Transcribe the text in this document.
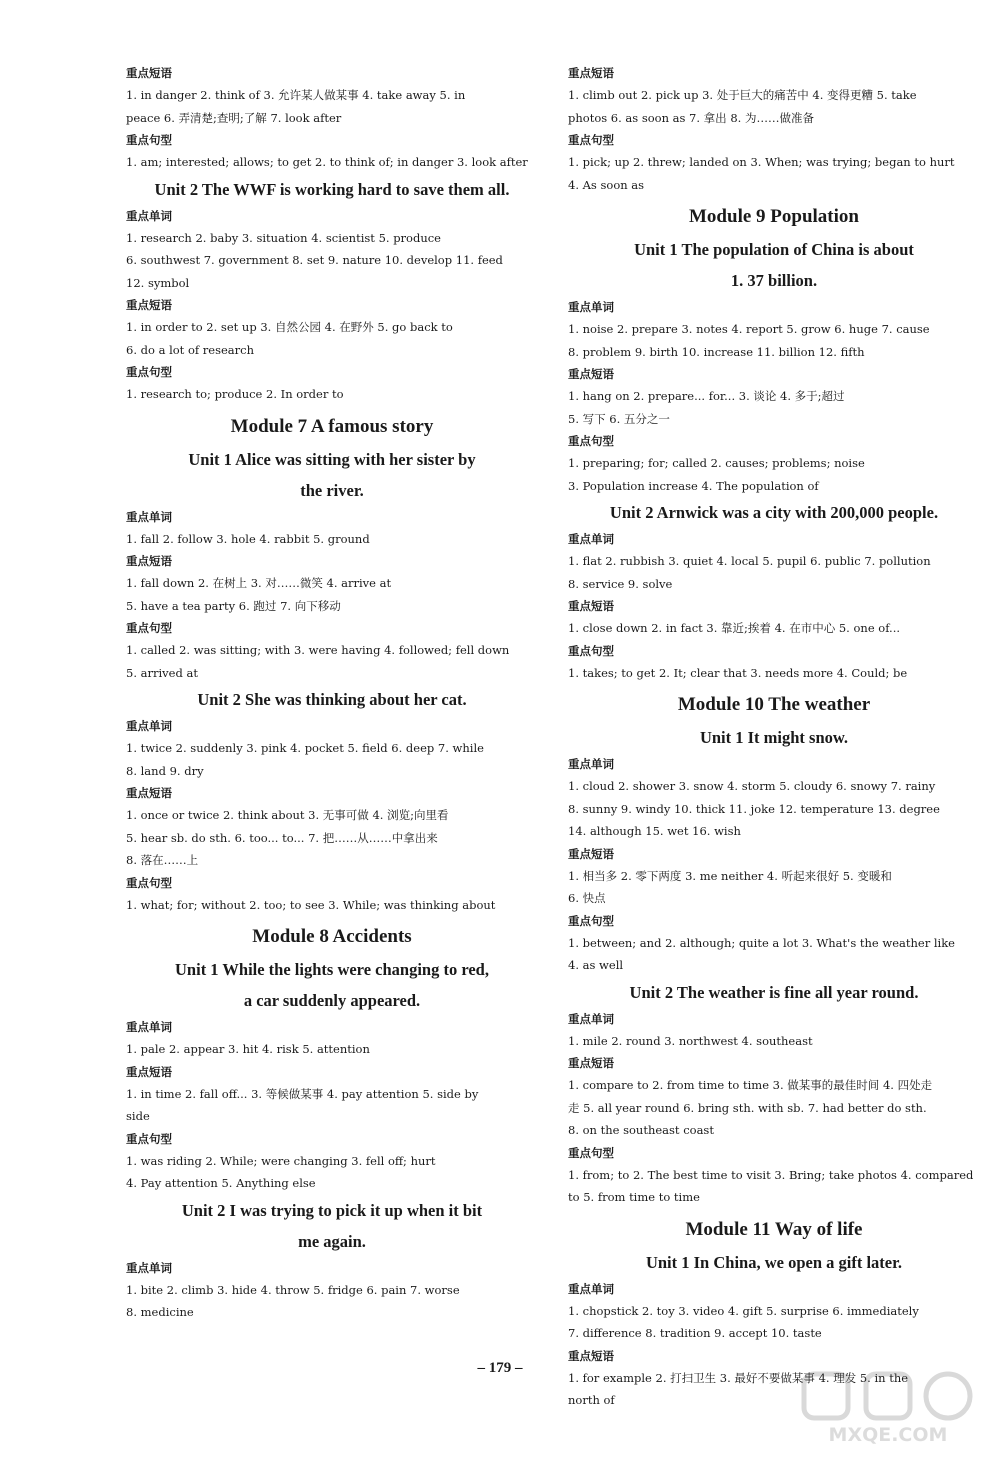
重点短语
1. in danger 2. think of 3. 允许某人做某事 4. take away 5. in
peace 6. 弄清楚;查明;了解 7. look after
重点句型
1. am; interested; allows; to get 2. to think of; in danger 3. look after
Unit 2 The WWF is working hard to save them all.
重点单词
1. research 2. baby 3. situation 4. scientist 5. produce
6. southwest 7. government 8. set 9. nature 10. develop 11. feed
12. symbol
重点短语
1. in order to 2. set up 3. 自然公园 4. 在野外 5. go back to
6. do a lot of research
重点句型
1. research to; produce 2. In order to
Module 7 A famous story
Unit 1 Alice was sitting with her sister by
the river.
重点单词
1. fall 2. follow 3. hole 4. rabbit 5. ground
重点短语
1. fall down 2. 在树上 3. 对……微笑 4. arrive at
5. have a tea party 6. 跑过 7. 向下移动
重点句型
1. called 2. was sitting; with 3. were having 4. followed; fell down
5. arrived at
Unit 2 She was thinking about her cat.
重点单词
1. twice 2. suddenly 3. pink 4. pocket 5. field 6. deep 7. while
8. land 9. dry
重点短语
1. once or twice 2. think about 3. 无事可做 4. 浏览;向里看
5. hear sb. do sth. 6. too... to... 7. 把……从……中拿出来
8. 落在……上
重点句型
1. what; for; without 2. too; to see 3. While; was thinking about
Module 8 Accidents
Unit 1 While the lights were changing to red,
a car suddenly appeared.
重点单词
1. pale 2. appear 3. hit 4. risk 5. attention
重点短语
1. in time 2. fall off... 3. 等候做某事 4. pay attention 5. side by
side
重点句型
1. was riding 2. While; were changing 3. fell off; hurt
4. Pay attention 5. Anything else
Unit 2 I was trying to pick it up when it bit
me again.
重点单词
1. bite 2. climb 3. hide 4. throw 5. fridge 6. pain 7. worse
8. medicine
重点短语
1. climb out 2. pick up 3. 处于巨大的痛苦中 4. 变得更糟 5. take
photos 6. as soon as 7. 拿出 8. 为……做准备
重点句型
1. pick; up 2. threw; landed on 3. When; was trying; began to hurt
4. As soon as
Module 9 Population
Unit 1 The population of China is about
1. 37 billion.
重点单词
1. noise 2. prepare 3. notes 4. report 5. grow 6. huge 7. cause
8. problem 9. birth 10. increase 11. billion 12. fifth
重点短语
1. hang on 2. prepare... for... 3. 谈论 4. 多于;超过
5. 写下 6. 五分之一
重点句型
1. preparing; for; called 2. causes; problems; noise
3. Population increase 4. The population of
Unit 2 Arnwick was a city with 200,000 people.
重点单词
1. flat 2. rubbish 3. quiet 4. local 5. pupil 6. public 7. pollution
8. service 9. solve
重点短语
1. close down 2. in fact 3. 靠近;挨着 4. 在市中心 5. one of...
重点句型
1. takes; to get 2. It; clear that 3. needs more 4. Could; be
Module 10 The weather
Unit 1 It might snow.
重点单词
1. cloud 2. shower 3. snow 4. storm 5. cloudy 6. snowy 7. rainy
8. sunny 9. windy 10. thick 11. joke 12. temperature 13. degree
14. although 15. wet 16. wish
重点短语
1. 相当多 2. 零下两度 3. me neither 4. 听起来很好 5. 变暖和
6. 快点
重点句型
1. between; and 2. although; quite a lot 3. What's the weather like
4. as well
Unit 2 The weather is fine all year round.
重点单词
1. mile 2. round 3. northwest 4. southeast
重点短语
1. compare to 2. from time to time 3. 做某事的最佳时间 4. 四处走
走 5. all year round 6. bring sth. with sb. 7. had better do sth.
8. on the southeast coast
重点句型
1. from; to 2. The best time to visit 3. Bring; take photos 4. compared
to 5. from time to time
Module 11 Way of life
Unit 1 In China, we open a gift later.
重点单词
1. chopstick 2. toy 3. video 4. gift 5. surprise 6. immediately
7. difference 8. tradition 9. accept 10. taste
重点短语
1. for example 2. 打扫卫生 3. 最好不要做某事 4. 理发 5. in the
north of
– 179 –
MXQE.COM
